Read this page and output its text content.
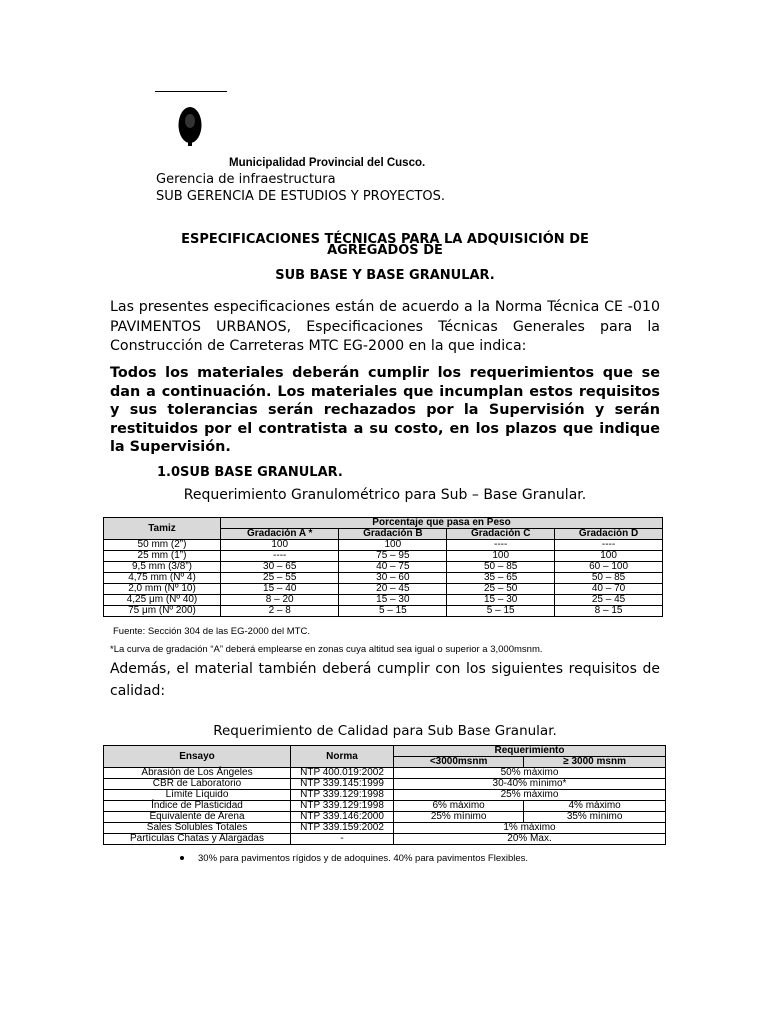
Municipalidad Provincial del Cusco.
Gerencia de infraestructura
SUB GERENCIA DE ESTUDIOS Y PROYECTOS.
ESPECIFICACIONES TÉCNICAS PARA LA ADQUISICIÓN DE
AGREGADOS DE
SUB BASE Y BASE GRANULAR.
Las presentes especificaciones están de acuerdo a la Norma Técnica CE -010 PAVIMENTOS URBANOS, Especificaciones Técnicas Generales para la Construcción de Carreteras MTC EG-2000 en la que indica:
Todos los materiales deberán cumplir los requerimientos que se dan a continuación. Los materiales que incumplan estos requisitos y sus tolerancias serán rechazados por la Supervisión y serán restituidos por el contratista a su costo, en los plazos que indique la Supervisión.
1.0SUB BASE GRANULAR.
Requerimiento Granulométrico para Sub – Base Granular.
Tamiz	Porcentaje que pasa en Peso			
	Gradación A *	Gradación B	Gradación C	Gradación D
50 mm (2”)	100	100	----	----
25 mm (1”)	----	75 – 95	100	100
9,5 mm (3/8”)	30 – 65	40 – 75	50 – 85	60 – 100
4,75 mm (Nº 4)	25 – 55	30 – 60	35 – 65	50 – 85
2,0 mm (Nº 10)	15 – 40	20 – 45	25 – 50	40 – 70
4,25 μm (Nº 40)	8 – 20	15 – 30	15 – 30	25 – 45
75 μm (Nº 200)	2 – 8	5 – 15	5 – 15	8 – 15
Fuente: Sección 304 de las EG-2000 del MTC.
*La curva de gradación “A” deberá emplearse en zonas cuya altitud sea igual o superior a 3,000msnm.
Además, el material también deberá cumplir con los siguientes requisitos de calidad:
Requerimiento de Calidad para Sub Base Granular.
Ensayo	Norma	Requerimiento	
		<3000msnm	≥ 3000 msnm
Abrasión de Los Ángeles	NTP 400.019:2002	50% máximo	
CBR de Laboratorio	NTP 339.145:1999	30-40% mínimo*	
Límite Líquido	NTP 339.129:1998	25% máximo	
Índice de Plasticidad	NTP 339.129:1998	6% máximo	4% máximo
Equivalente de Arena	NTP 339.146:2000	25% mínimo	35% mínimo
Sales Solubles Totales	NTP 339.159:2002	1% máximo	
Partículas Chatas y Alargadas	-	20% Max.	
30% para pavimentos rígidos y de adoquines. 40% para pavimentos Flexibles.
